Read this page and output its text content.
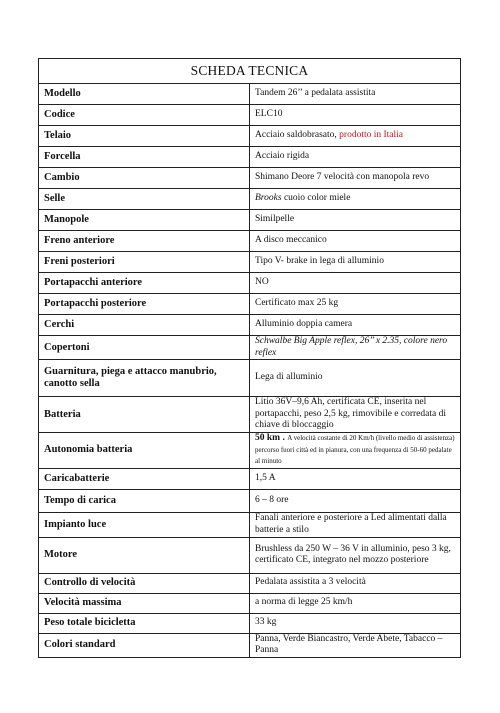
SCHEDA TECNICA	
Modello	Tandem 26’’ a pedalata assistita
Codice	ELC10
Telaio	Acciaio saldobrasato, prodotto in Italia
Forcella	Acciaio rigida
Cambio	Shimano Deore 7 velocità con manopola revo
Selle	Brooks cuoio color miele
Manopole	Similpelle
Freno anteriore	A disco meccanico
Freni posteriori	Tipo V- brake in lega di alluminio
Portapacchi anteriore	NO
Portapacchi posteriore	Certificato max 25 kg
Cerchi	Alluminio doppia camera
Copertoni	Schwalbe Big Apple reflex, 26’’ x 2.35, colore nero reflex
Guarnitura, piega e attacco manubrio, canotto sella	Lega di alluminio
Batteria	Litio 36V–9,6 Ah, certificata CE, inserita nel portapacchi, peso 2,5 kg, rimovibile e corredata di chiave di bloccaggio
Autonomia batteria	50 km . A velocità costante di 20 Km/h (livello medio di assistenza) percorso fuori città ed in pianura, con una frequenza di 50-60 pedalate al minuto
Caricabatterie	1,5 A
Tempo di carica	6 – 8 ore
Impianto luce	Fanali anteriore e posteriore a Led alimentati dalla batterie a stilo
Motore	Brushless da 250 W – 36 V in alluminio, peso 3 kg, certificato CE, integrato nel mozzo posteriore
Controllo di velocità	Pedalata assistita a 3 velocità
Velocità massima	a norma di legge 25 km/h
Peso totale bicicletta	33 kg
Colori standard	Panna, Verde Biancastro, Verde Abete, Tabacco – Panna
